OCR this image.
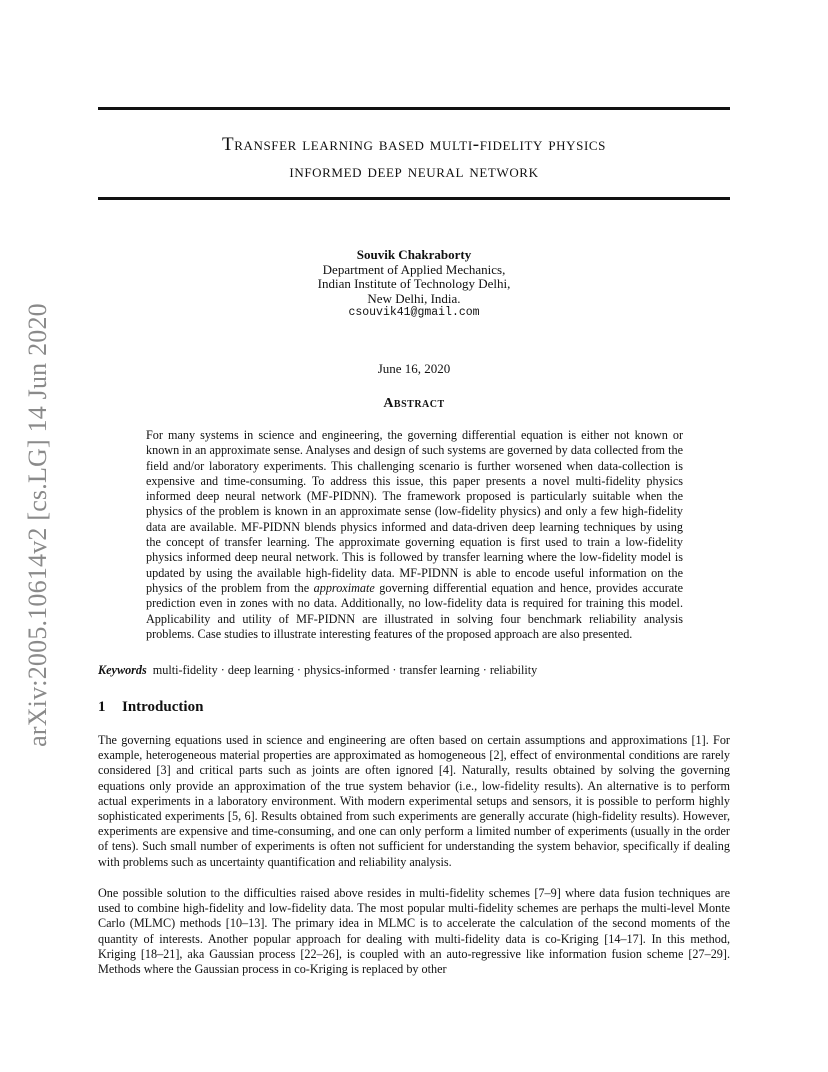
arXiv:2005.10614v2 [cs.LG] 14 Jun 2020
Transfer learning based multi-fidelity physics
informed deep neural network
Souvik Chakraborty
Department of Applied Mechanics,
Indian Institute of Technology Delhi,
New Delhi, India.
csouvik41@gmail.com
June 16, 2020
Abstract

For many systems in science and engineering, the governing differential equation is either not known or known in an approximate sense. Analyses and design of such systems are governed by data collected from the field and/or laboratory experiments. This challenging scenario is further worsened when data-collection is expensive and time-consuming. To address this issue, this paper presents a novel multi-fidelity physics informed deep neural network (MF-PIDNN). The framework proposed is particularly suitable when the physics of the problem is known in an approximate sense (low-fidelity physics) and only a few high-fidelity data are available. MF-PIDNN blends physics informed and data-driven deep learning techniques by using the concept of transfer learning. The approximate governing equation is first used to train a low-fidelity physics informed deep neural network. This is followed by transfer learning where the low-fidelity model is updated by using the available high-fidelity data. MF-PIDNN is able to encode useful information on the physics of the problem from the approximate governing differential equation and hence, provides accurate prediction even in zones with no data. Additionally, no low-fidelity data is required for training this model. Applicability and utility of MF-PIDNN are illustrated in solving four benchmark reliability analysis problems. Case studies to illustrate interesting features of the proposed approach are also presented.

Keywords multi-fidelity · deep learning · physics-informed · transfer learning · reliability
1 Introduction

The governing equations used in science and engineering are often based on certain assumptions and approximations [1]. For example, heterogeneous material properties are approximated as homogeneous [2], effect of environmental conditions are rarely considered [3] and critical parts such as joints are often ignored [4]. Naturally, results obtained by solving the governing equations only provide an approximation of the true system behavior (i.e., low-fidelity results). An alternative is to perform actual experiments in a laboratory environment. With modern experimental setups and sensors, it is possible to perform highly sophisticated experiments [5, 6]. Results obtained from such experiments are generally accurate (high-fidelity results). However, experiments are expensive and time-consuming, and one can only perform a limited number of experiments (usually in the order of tens). Such small number of experiments is often not sufficient for understanding the system behavior, specifically if dealing with problems such as uncertainty quantification and reliability analysis.

One possible solution to the difficulties raised above resides in multi-fidelity schemes [7–9] where data fusion techniques are used to combine high-fidelity and low-fidelity data. The most popular multi-fidelity schemes are perhaps the multi-level Monte Carlo (MLMC) methods [10–13]. The primary idea in MLMC is to accelerate the calculation of the second moments of the quantity of interests. Another popular approach for dealing with multi-fidelity data is co-Kriging [14–17]. In this method, Kriging [18–21], aka Gaussian process [22–26], is coupled with an auto-regressive like information fusion scheme [27–29]. Methods where the Gaussian process in co-Kriging is replaced by other
